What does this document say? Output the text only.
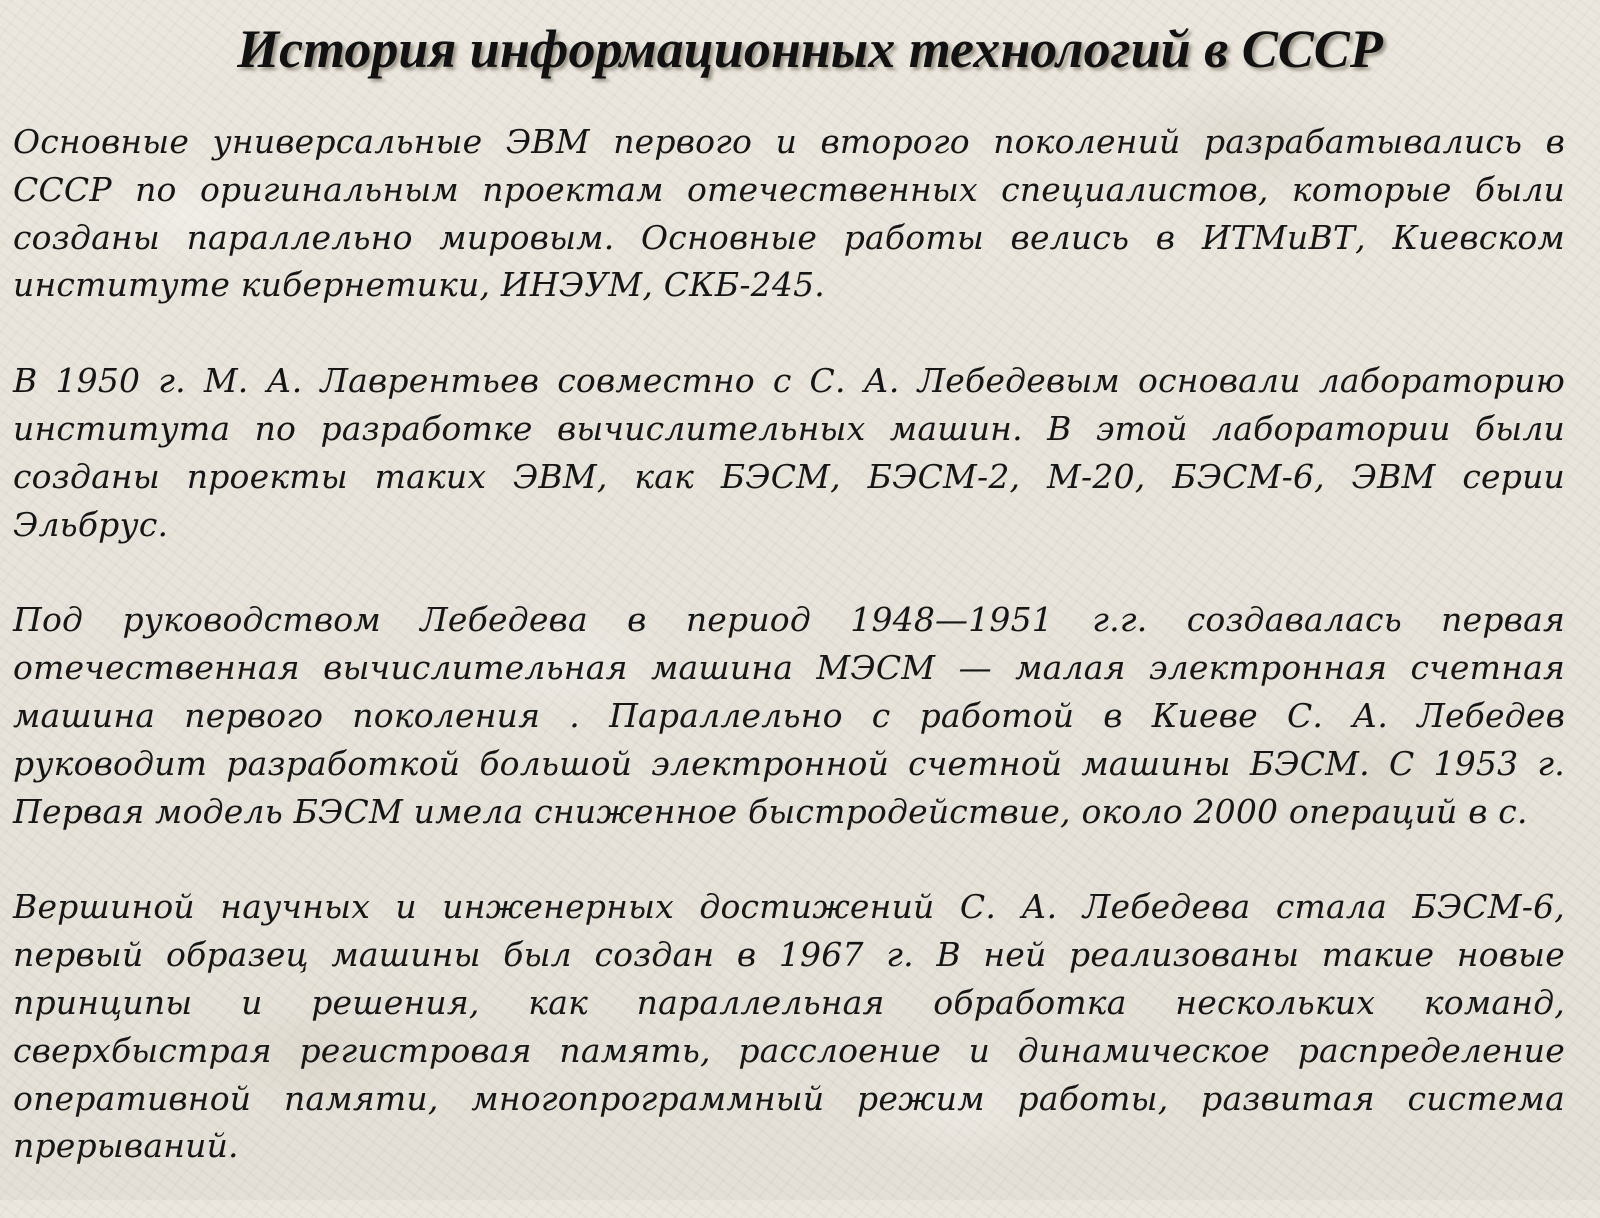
История информационных технологий в СССР

Основные универсальные ЭВМ первого и второго поколений разрабатывались в СССР по оригинальным проектам отечественных специалистов, которые были созданы параллельно мировым. Основные работы велись в ИТМиВТ, Киевском институте кибернетики, ИНЭУМ, СКБ-245.

В 1950 г. М. А. Лаврентьев совместно с С. А. Лебедевым основали лабораторию института по разработке вычислительных машин. В этой лаборатории были созданы проекты таких ЭВМ, как БЭСМ, БЭСМ-2, М-20, БЭСМ-6, ЭВМ серии Эльбрус.

Под руководством Лебедева в период 1948—1951 г.г. создавалась первая отечественная вычислительная машина МЭСМ — малая электронная счетная машина первого поколения . Параллельно с работой в Киеве С. А. Лебедев руководит разработкой большой электронной счетной машины БЭСМ. С 1953 г. Первая модель БЭСМ имела сниженное быстродействие, около 2000 операций в с.

Вершиной научных и инженерных достижений С. А. Лебедева стала БЭСМ-6, первый образец машины был создан в 1967 г. В ней реализованы такие новые принципы и решения, как параллельная обработка нескольких команд, сверхбыстрая регистровая память, расслоение и динамическое распределение оперативной памяти, многопрограммный режим работы, развитая система прерываний.
